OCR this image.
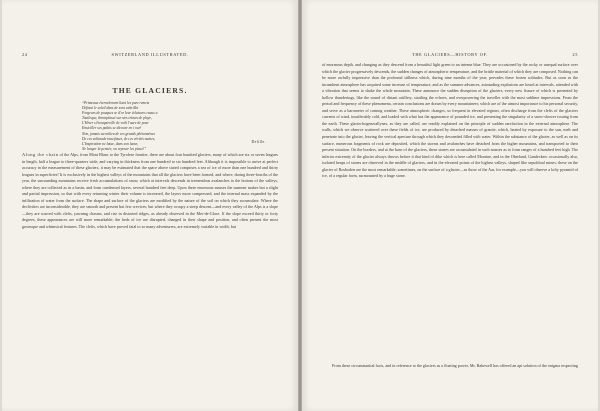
24	SWITZERLAND ILLUSTRATED.
THE GLACIERS.
“Primeaux éternelement liant les pure remets
Défiant le soleil dans de sont cabrillet
Forgeurs de pouques se d'or leur éclataves raxus a
Toutleque, thronptisset sur sies trimes de playe,
L'Hiver s'étonnpierille de voilt l'aure de pour
Ensiciller ses palais se dicoure en t our!
Non, jamais au milieu de ces grands phénomènes
De ces solitaude inactfuses, de ces vérités naines,
L'Inspiration ne latue, dans son lueur,
Ne langer la pensée, ou reposer les pieux!”
Delille.
Along the chain of the Alps, from Mont Blanc to the Tyrolese frontier, there are about four hundred glaciers, many of which are six or seven leagues in length, half a league to three-quarters wide, and varying in thickness from one hundred to six hundred feet. Although it is impossible to arrive at perfect accuracy in the measurement of these glaciers, it may be estimated that the space above stated comprises a sea of ice of more than one hundred and thirty leagues in superficies! It is exclusively in the highest valleys of the mountains that all the glaciers have been formed, and where, during three-fourths of the year, the surrounding mountains receive fresh accumulations of snow, which at intervals descends in tremendous avalanches to the bottom of the valleys, where they are collected as in a basin, and form condensed layers, several hundred feet deep. Upon these enormous masses the summer makes but a slight and partial impression, so that with every returning winter their volume is increased, the layers more compressed, and the internal mass expanded by the infiltration of water from the surface. The shape and surface of the glaciers are modified by the nature of the soil on which they accumulate. Where the declivities are inconsiderable, they are smooth and present but few crevices; but where they occupy a steep descent—and every valley of the Alps is a slope—they are scarred with clefts, yawning chasms, and rise in distorted ridges, as already observed in the Mer-de-Glace. If the slope exceed thirty or forty degrees, these appearances are still more remarkable; the beds of ice are disrupted, changed in their shape and position, and often present the most grotesque and whimsical features. The clefts, which have proved fatal to so many adventurers, are extremely variable in width, but
THE GLACIERS—HISTORY OF.	25
of enormous depth, and changing as they descend from a beautiful light green to an intense blue. They are occasioned by the rocky or unequal surface over which the glacier progressively descends, the sudden changes of atmospheric temperature, and the brittle material of which they are composed. Nothing can be more awfully impressive than the profound stillness which, during nine months of the year, pervades these frozen solitudes. But as soon as the incumbent atmosphere has acquired some increase of temperature, and as the summer advances, astounding explosions are heard at intervals, attended with a vibration that seems to shake the whole mountain. These announce the sudden disruption of the glaciers, every new fissure of which is presented by hollow thunderings, like the sound of distant artillery, startling the echoes, and overpowering the traveller with the most sublime impressions. From the period and frequency of these phenomena, certain conclusions are drawn by every mountaineer, which are of the utmost importance to his personal security, and serve as a barometer of coming weather. These atmospheric changes, so frequent in elevated regions, often discharge from the clefts of the glaciers currents of wind, insufferably cold, and loaded with what has the appearance of pounded ice, and presenting the singularity of a snow-shower issuing from the earth. These glacierfrogenerallynes, as they are called, are readily explained on the principle of sudden rarefaction in the external atmosphere. The walls, which we observe scattered over these fields of ice, are produced by detached masses of granite, which, heated by exposure to the sun, melt and penetrate into the glacier, leaving the vertical aperture through which they descended filled with water. Within the substance of the glacier, as well as on its surface, numerous fragments of rock are deposited, which the storms and avalanches have detached from the higher mountains, and transported to their present situation. On the borders, and at the base of the glaciers, these stones are accumulated in such masses as to form ranges of a hundred feet high. The inferior extremity of the glacier always throws before it that kind of dike which is here called Moraine, and in the Oberland, Gandecken: occasionally also, isolated heaps of stones are observed in the middle of glaciers, and in the elevated points of the highest valleys, shaped like sepulchral mines; these on the glacier of Rosboden are the most remarkable; sometimes, on the surface of a glacier—as those of the Aar, for example—you will observe a lofty pyramid of ice, of a regular form, surmounted by a huge stone.
From these circumstantial facts, and in reference to the glaciers as a floating power, Mr. Bakewell has offered an apt solution of the enigma respecting
